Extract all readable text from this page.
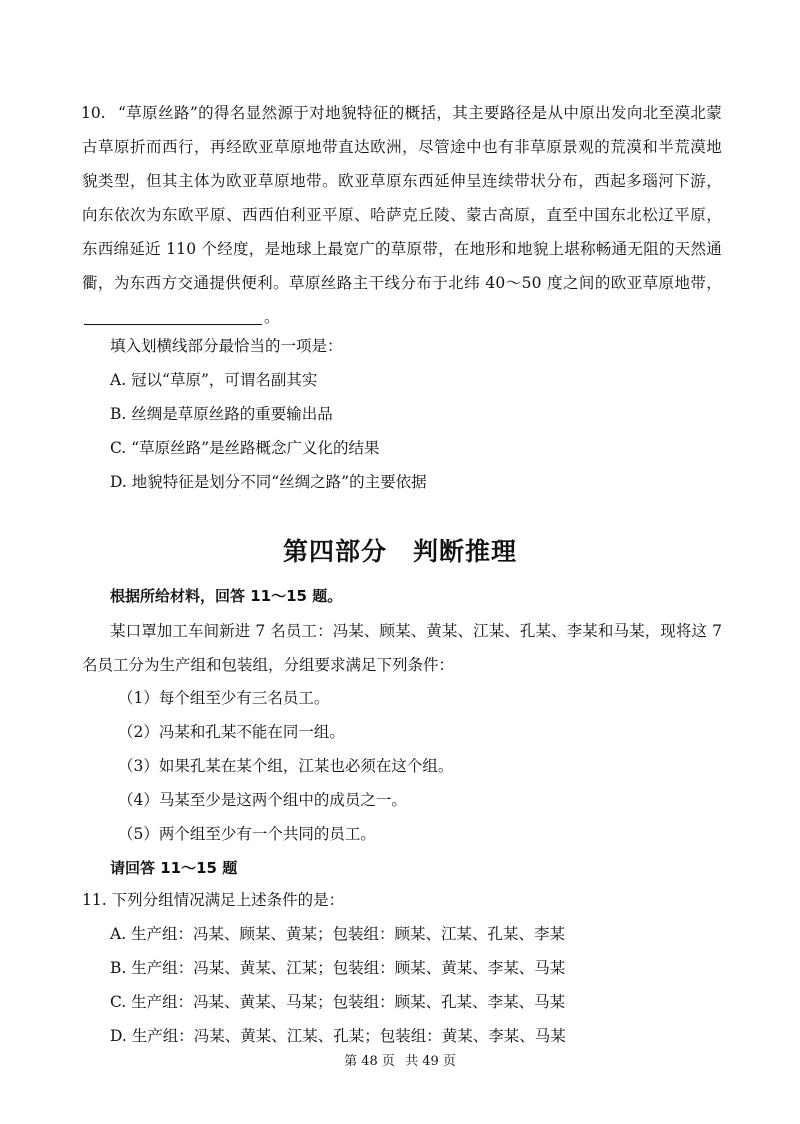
10. “草原丝路”的得名显然源于对地貌特征的概括，其主要路径是从中原出发向北至漠北蒙古草原折而西行，再经欧亚草原地带直达欧洲，尽管途中也有非草原景观的荒漠和半荒漠地貌类型，但其主体为欧亚草原地带。欧亚草原东西延伸呈连续带状分布，西起多瑙河下游，向东依次为东欧平原、西西伯利亚平原、哈萨克丘陵、蒙古高原，直至中国东北松辽平原，东西绵延近 110 个经度，是地球上最宽广的草原带，在地形和地貌上堪称畅通无阻的天然通衢，为东西方交通提供便利。草原丝路主干线分布于北纬 40～50 度之间的欧亚草原地带，。
填入划横线部分最恰当的一项是：
A. 冠以“草原”，可谓名副其实
B. 丝绸是草原丝路的重要输出品
C. “草原丝路”是丝路概念广义化的结果
D. 地貌特征是划分不同“丝绸之路”的主要依据
第四部分　判断推理
根据所给材料，回答 11～15 题。
某口罩加工车间新进 7 名员工：冯某、顾某、黄某、江某、孔某、李某和马某，现将这 7 名员工分为生产组和包装组，分组要求满足下列条件：
（1）每个组至少有三名员工。
（2）冯某和孔某不能在同一组。
（3）如果孔某在某个组，江某也必须在这个组。
（4）马某至少是这两个组中的成员之一。
（5）两个组至少有一个共同的员工。
请回答 11～15 题
11. 下列分组情况满足上述条件的是：
A. 生产组：冯某、顾某、黄某；包装组：顾某、江某、孔某、李某
B. 生产组：冯某、黄某、江某；包装组：顾某、黄某、李某、马某
C. 生产组：冯某、黄某、马某；包装组：顾某、孔某、李某、马某
D. 生产组：冯某、黄某、江某、孔某；包装组：黄某、李某、马某
第 48 页 共 49 页
